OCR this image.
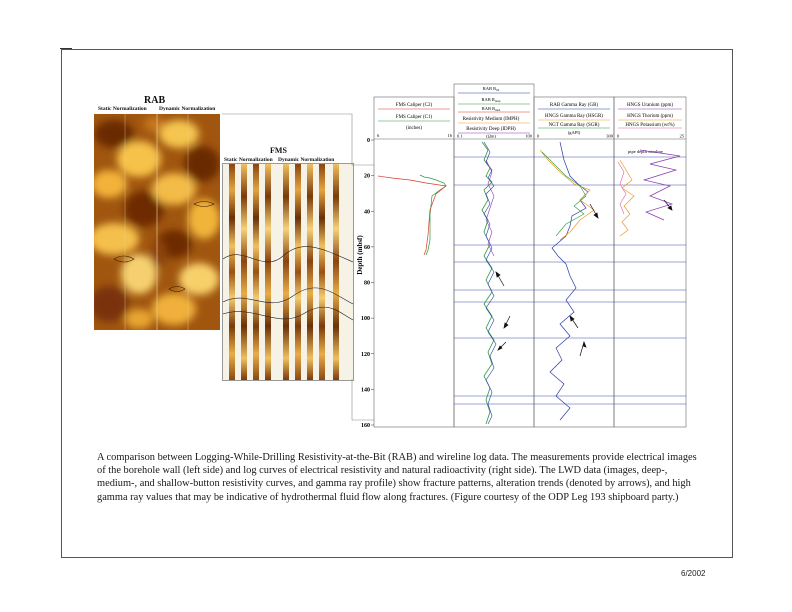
RAB
Static Normalization Dynamic Normalization
FMS
Static Normalization Dynamic Normalization
FMS Caliper (C2)
FMS Caliper (C1)
(inches)
6	16
RAB $R_{bit}$
RAB $R_{deep}$
RAB $R_{med}$
Resistivity Medium (IMPH)
Resistivity Deep (IDPH)
(Ωm)
0.1	100
RAB Gamma Ray (GR)
HNGS Gamma Ray (HSGR)
NGT Gamma Ray (SGR)
(gAPI)
0	300
HNGS Uranium (ppm)
HNGS Thorium (ppm)
HNGS Potassium (wt%)
0	25
pipe depth wireline
Depth (mbsf)
0
20
40
60
80
100
120
140
160
A comparison between Logging-While-Drilling Resistivity-at-the-Bit (RAB) and wireline log data. The measurements provide electrical images of the borehole wall (left side) and log curves of electrical resistivity and natural radioactivity (right side). The LWD data (images, deep-, medium-, and shallow-button resistivity curves, and gamma ray profile) show fracture patterns, alteration trends (denoted by arrows), and high gamma ray values that may be indicative of hydrothermal fluid flow along fractures. (Figure courtesy of the ODP Leg 193 shipboard party.)
6/2002
